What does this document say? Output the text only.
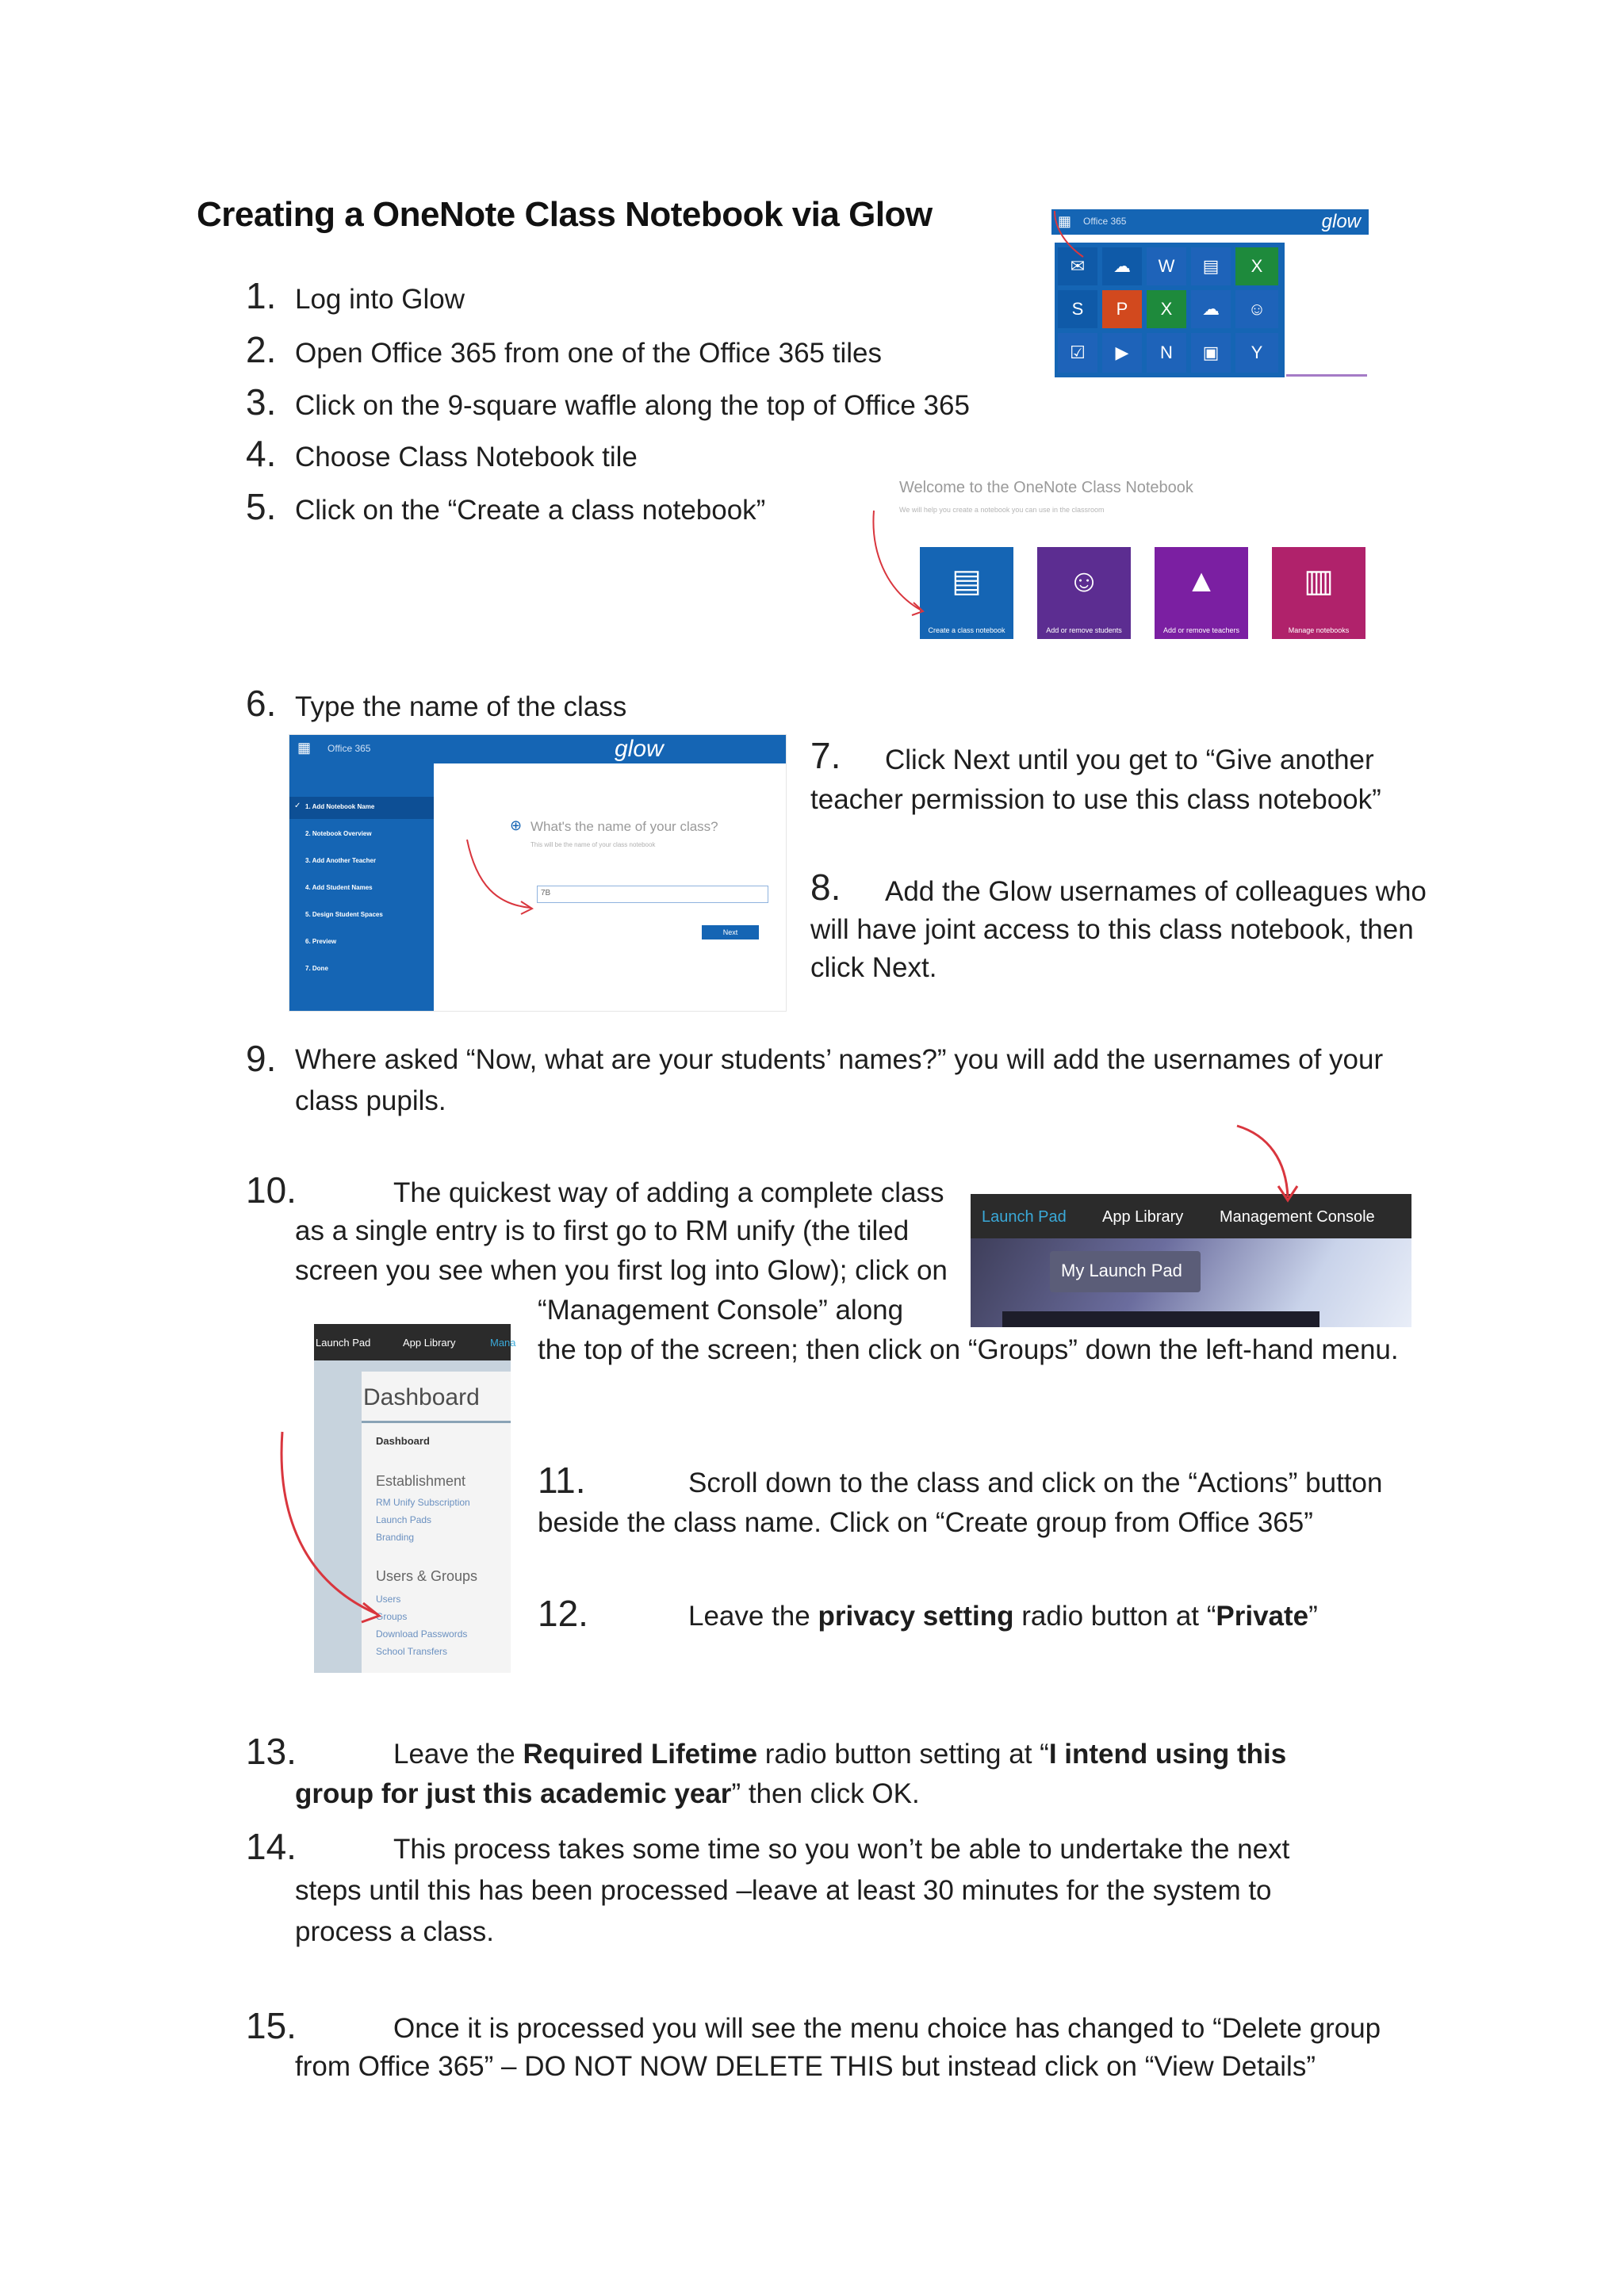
Creating a OneNote Class Notebook via Glow
1. Log into Glow
2. Open Office 365 from one of the Office 365 tiles
3. Click on the 9-square waffle along the top of Office 365
4. Choose Class Notebook tile
5. Click on the “Create a class notebook”
▦ Office 365	glow
✉ ☁ W ▤ X
S P X ☁ ☺
☑ ▶ N ▣ Y
Welcome to the OneNote Class Notebook
We will help you create a notebook you can use in the classroom
▤
Create a class notebook
☺
Add or remove students
▲
Add or remove teachers
▥
Manage notebooks
6. Type the name of the class
▦ Office 365	glow
✓ 1. Add Notebook Name
2. Notebook Overview
3. Add Another Teacher
4. Add Student Names
5. Design Student Spaces
6. Preview
7. Done
⊕ What's the name of your class?
This will be the name of your class notebook
7B
Next
7. Click Next until you get to “Give another
teacher permission to use this class notebook”
8. Add the Glow usernames of colleagues who
will have joint access to this class notebook, then
click Next.
9. Where asked “Now, what are your students’ names?” you will add the usernames of your
class pupils.
10.	The quickest way of adding a complete class
as a single entry is to first go to RM unify (the tiled
screen you see when you first log into Glow); click on
“Management Console” along
the top of the screen; then click on “Groups” down the left-hand menu.
Launch Pad App Library Management Console
My Launch Pad
Launch Pad	App Library	Mana
Dashboard
Dashboard
Establishment
RM Unify Subscription
Launch Pads
Branding
Users & Groups
Users
Groups
Download Passwords
School Transfers
11.	Scroll down to the class and click on the “Actions” button
beside the class name. Click on “Create group from Office 365”
12.	Leave the privacy setting radio button at “Private”
13.	Leave the Required Lifetime radio button setting at “I intend using this
group for just this academic year” then click OK.
14.	This process takes some time so you won’t be able to undertake the next
steps until this has been processed –leave at least 30 minutes for the system to
process a class.
15.	Once it is processed you will see the menu choice has changed to “Delete group
from Office 365” – DO NOT NOW DELETE THIS but instead click on “View Details”
